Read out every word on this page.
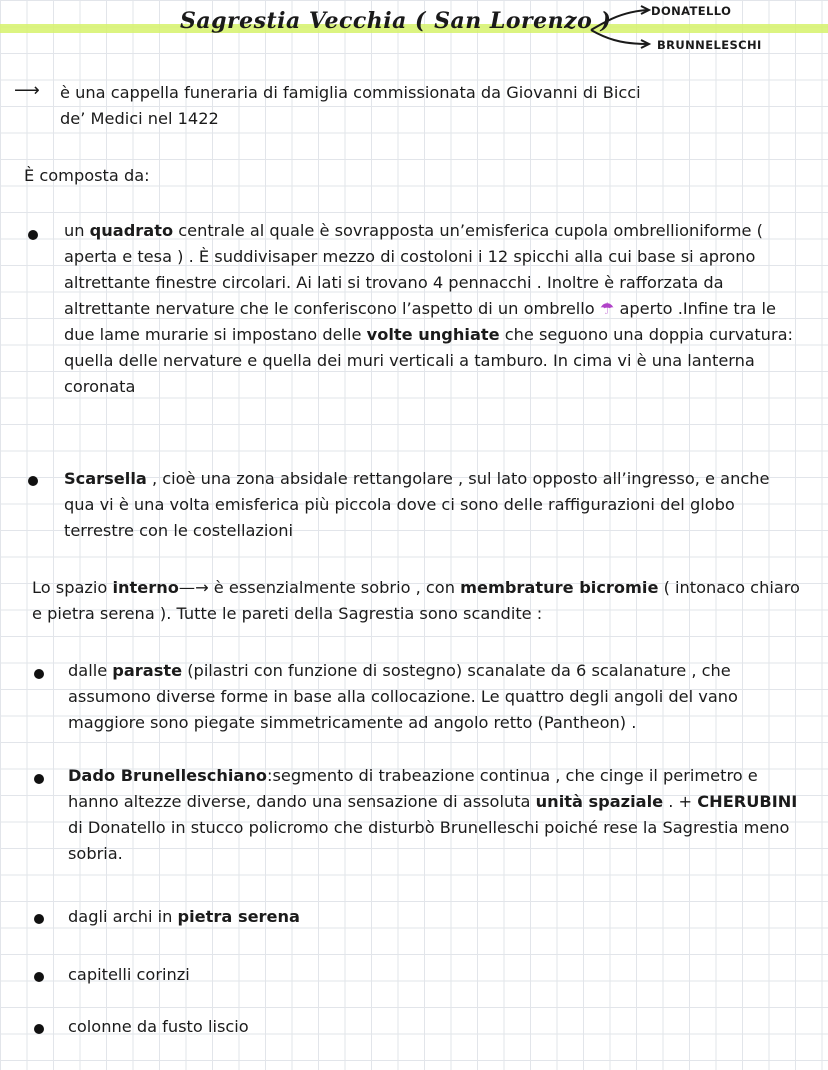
Sagrestia Vecchia ( San Lorenzo )	DONATELLO
BRUNNELESCHI
⟶ è una cappella funeraria di famiglia commissionata da Giovanni di Bicci
de’ Medici nel 1422
È composta da:
un quadrato centrale al quale è sovrapposta un’emisferica cupola ombrellioniforme ( aperta e tesa ) . È suddivisaper mezzo di costoloni i 12 spicchi alla cui base si aprono altrettante finestre circolari. Ai lati si trovano 4 pennacchi . Inoltre è rafforzata da altrettante nervature che le conferiscono l’aspetto di un ombrello ☂ aperto .Infine tra le due lame murarie si impostano delle volte unghiate che seguono una doppia curvatura: quella delle nervature e quella dei muri verticali a tamburo. In cima vi è una lanterna coronata
Scarsella , cioè una zona absidale rettangolare , sul lato opposto all’ingresso, e anche qua vi è una volta emisferica più piccola dove ci sono delle raffigurazioni del globo terrestre con le costellazioni
Lo spazio interno—→ è essenzialmente sobrio , con membrature bicromie ( intonaco chiaro e pietra serena ). Tutte le pareti della Sagrestia sono scandite :
dalle paraste (pilastri con funzione di sostegno) scanalate da 6 scalanature , che assumono diverse forme in base alla collocazione. Le quattro degli angoli del vano maggiore sono piegate simmetricamente ad angolo retto (Pantheon) .
Dado Brunelleschiano:segmento di trabeazione continua , che cinge il perimetro e hanno altezze diverse, dando una sensazione di assoluta unità spaziale . + CHERUBINI di Donatello in stucco policromo che disturbò Brunelleschi poiché rese la Sagrestia meno sobria.
dagli archi in pietra serena
capitelli corinzi
colonne da fusto liscio
